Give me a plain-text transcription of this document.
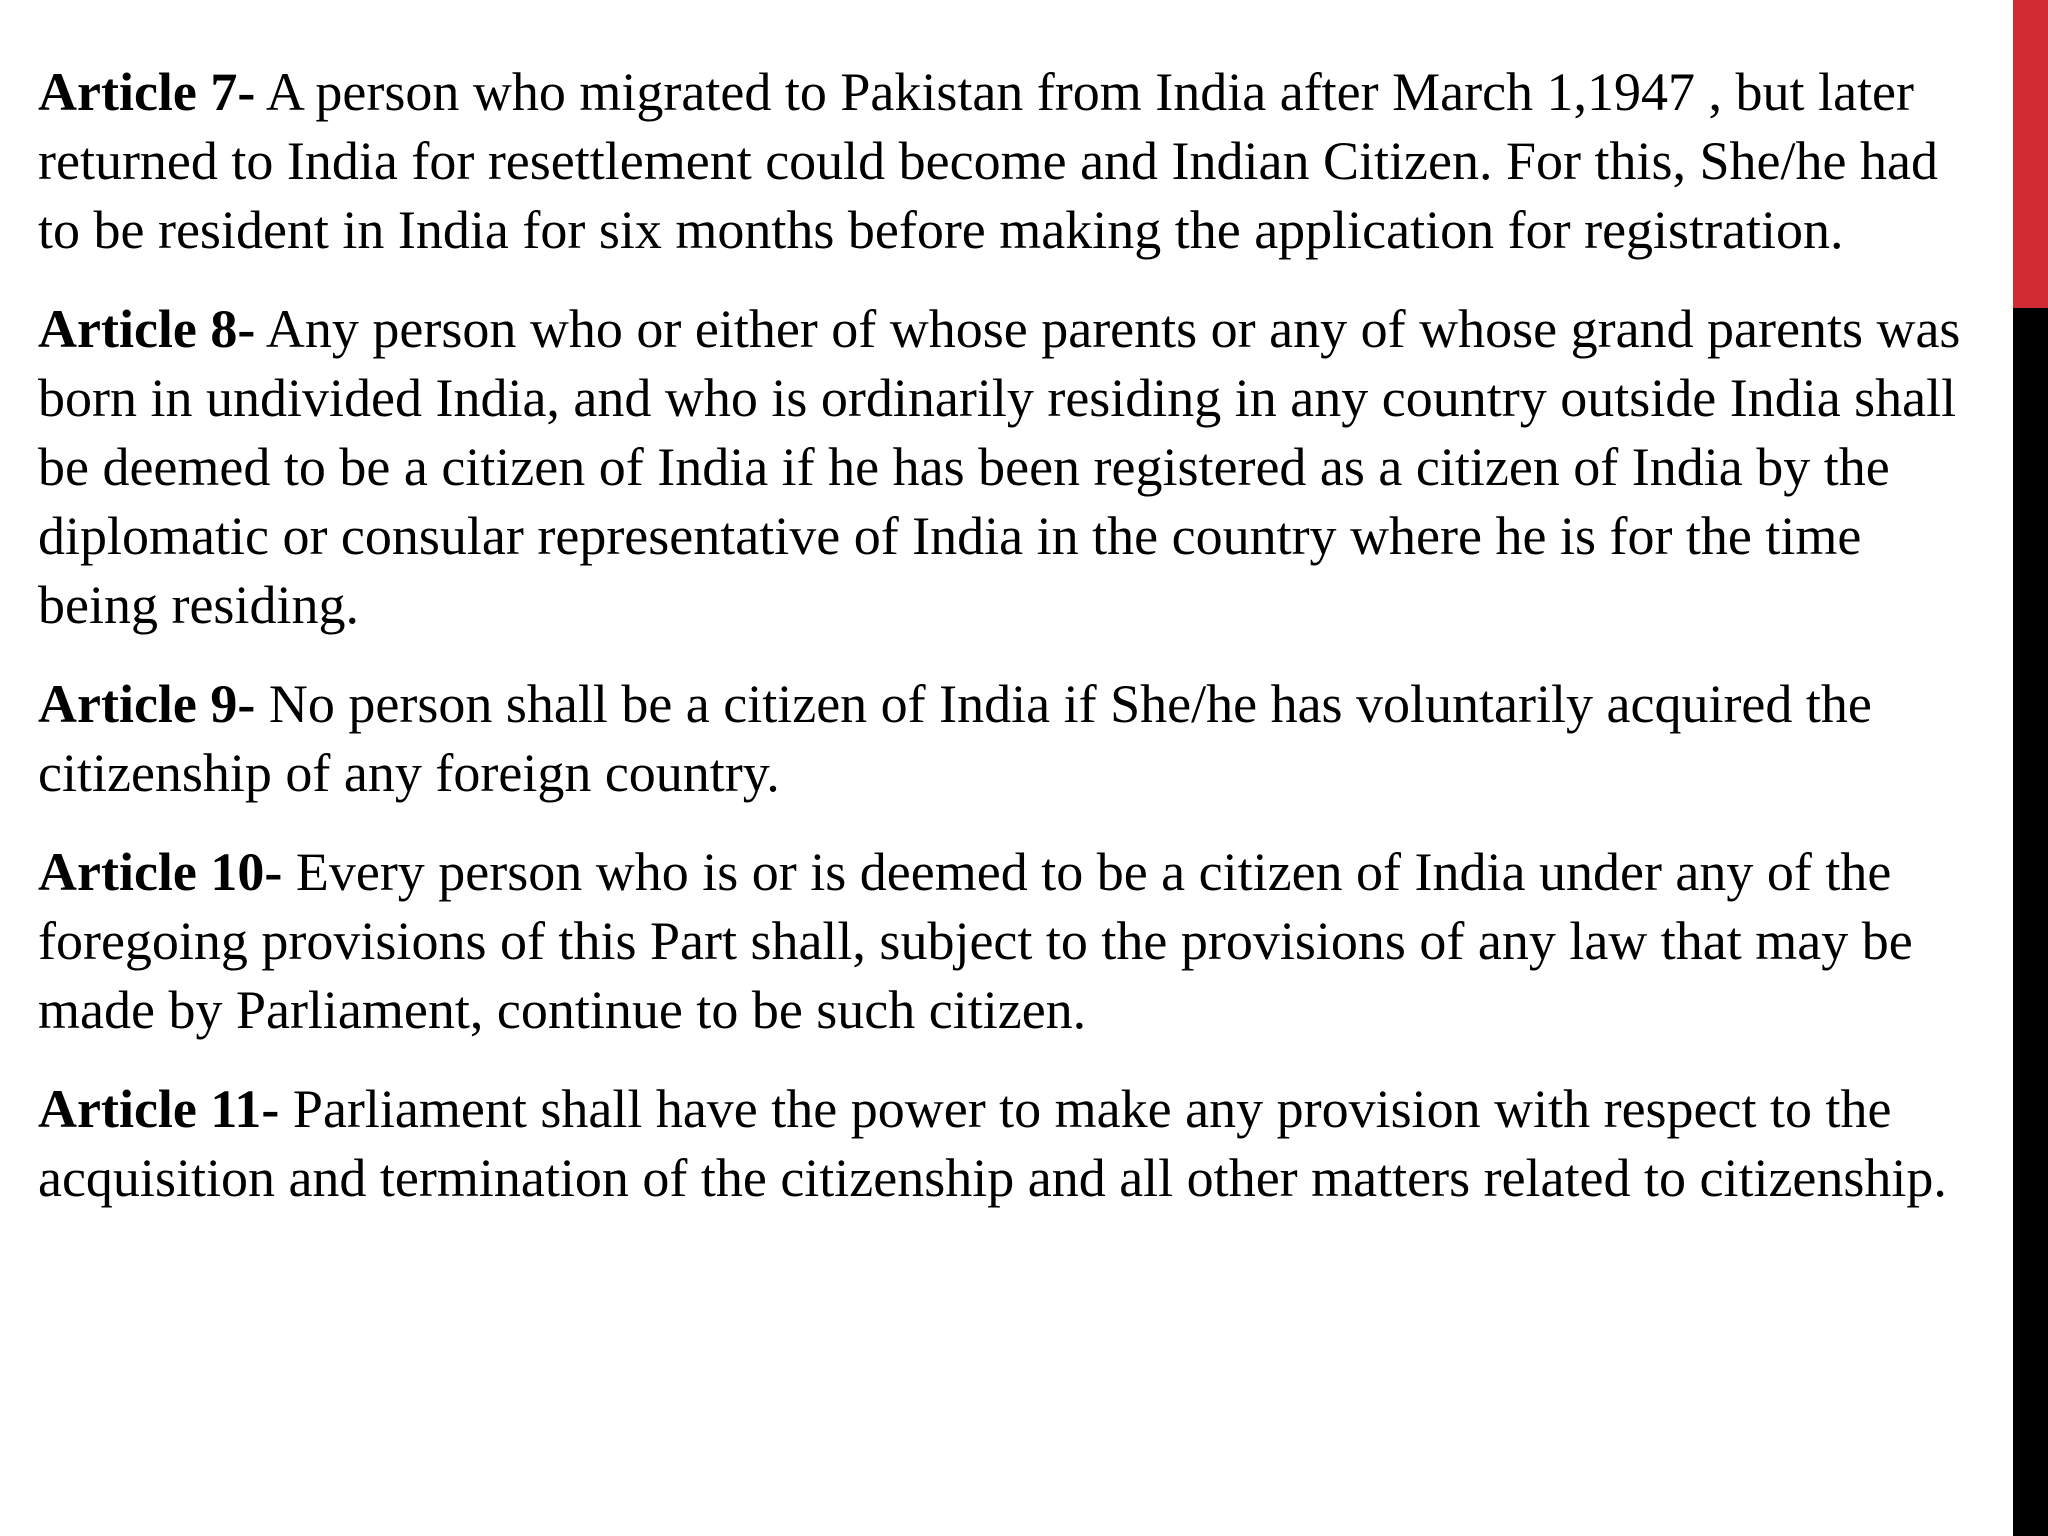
Article 7- A person who migrated to Pakistan from India after March 1,1947 , but later returned to India for resettlement could become and Indian Citizen. For this, She/he had to be resident in India for six months before making the application for registration.

Article 8- Any person who or either of whose parents or any of whose grand parents was born in undivided India, and who is ordinarily residing in any country outside India shall be deemed to be a citizen of India if he has been registered as a citizen of India by the diplomatic or consular representative of India in the country where he is for the time being residing.

Article 9- No person shall be a citizen of India if She/he has voluntarily acquired the citizenship of any foreign country.

Article 10- Every person who is or is deemed to be a citizen of India under any of the foregoing provisions of this Part shall, subject to the provisions of any law that may be made by Parliament, continue to be such citizen.

Article 11- Parliament shall have the power to make any provision with respect to the acquisition and termination of the citizenship and all other matters related to citizenship.
